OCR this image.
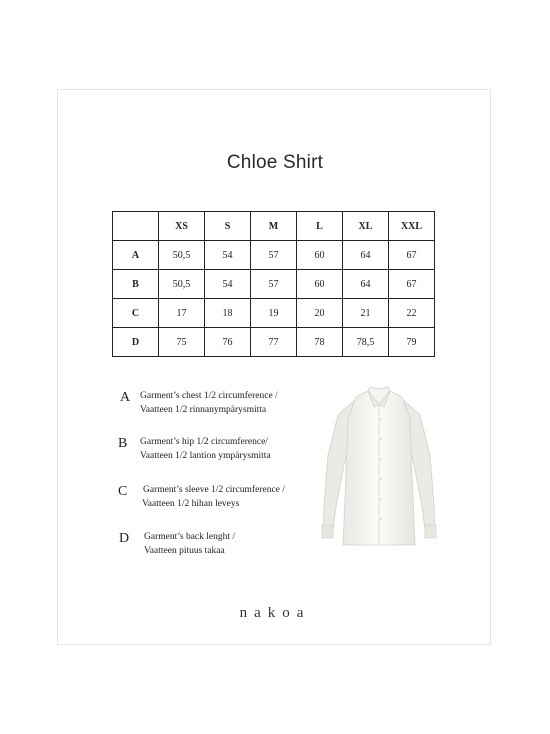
Chloe Shirt
	XS	S	M	L	XL	XXL
A	50,5	54	57	60	64	67
B	50,5	54	57	60	64	67
C	17	18	19	20	21	22
D	75	76	77	78	78,5	79
A Garment’s chest 1/2 circumference /
Vaatteen 1/2 rinnanympärysmitta
B Garment’s hip 1/2 circumference/
Vaatteen 1/2 lantion ympärysmitta
C Garment’s sleeve 1/2 circumference /
Vaatteen 1/2 hihan leveys
D Garment’s back lenght /
Vaatteen pituus takaa
nakoa
